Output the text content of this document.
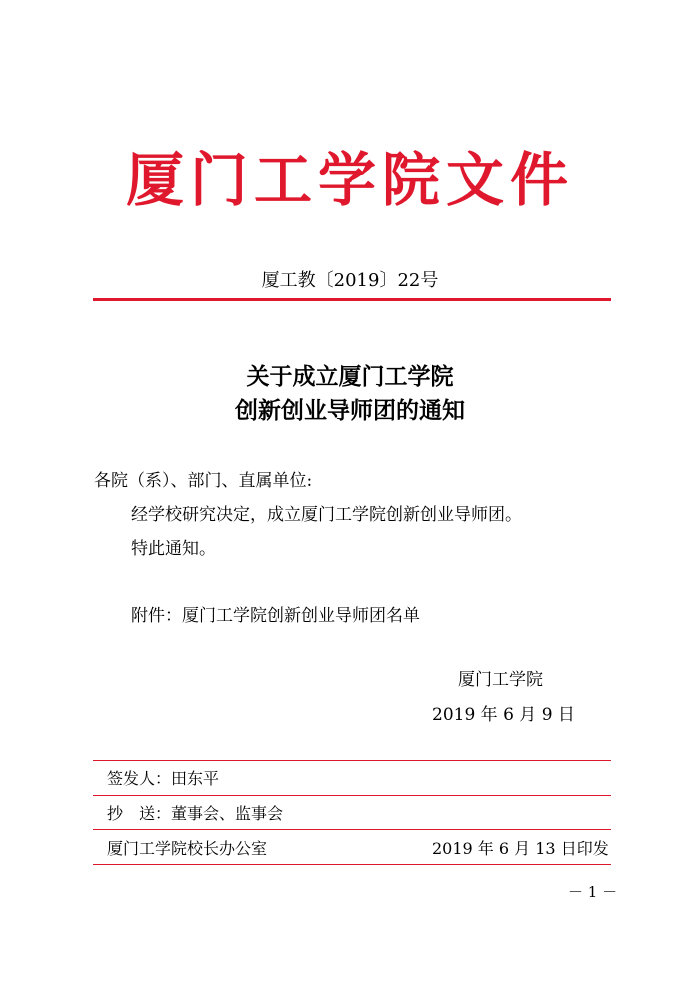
厦门工学院文件
厦工教〔2019〕22号
关于成立厦门工学院
创新创业导师团的通知
各院（系）、部门、直属单位:
经学校研究决定，成立厦门工学院创新创业导师团。
特此通知。
附件：厦门工学院创新创业导师团名单
厦门工学院
2019 年 6 月 9 日
签发人：田东平
抄　送：董事会、监事会
厦门工学院校长办公室	2019 年 6 月 13 日印发
－ 1 －
